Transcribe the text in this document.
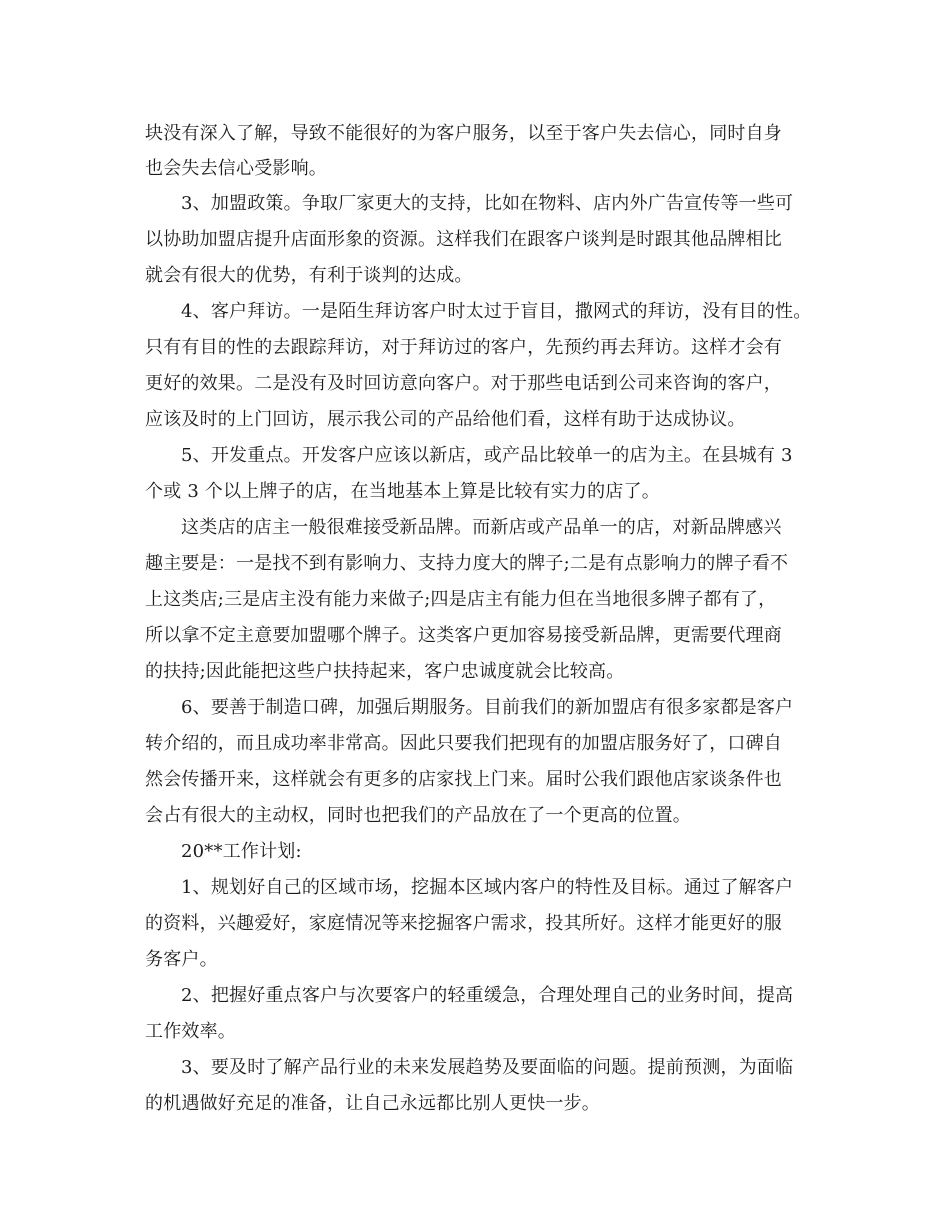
块没有深入了解，导致不能很好的为客户服务，以至于客户失去信心，同时自身

也会失去信心受影响。

3、加盟政策。争取厂家更大的支持，比如在物料、店内外广告宣传等一些可

以协助加盟店提升店面形象的资源。这样我们在跟客户谈判是时跟其他品牌相比

就会有很大的优势，有利于谈判的达成。

4、客户拜访。一是陌生拜访客户时太过于盲目，撒网式的拜访，没有目的性。

只有有目的性的去跟踪拜访，对于拜访过的客户，先预约再去拜访。这样才会有

更好的效果。二是没有及时回访意向客户。对于那些电话到公司来咨询的客户，

应该及时的上门回访，展示我公司的产品给他们看，这样有助于达成协议。

5、开发重点。开发客户应该以新店，或产品比较单一的店为主。在县城有 3

个或 3 个以上牌子的店，在当地基本上算是比较有实力的店了。

这类店的店主一般很难接受新品牌。而新店或产品单一的店，对新品牌感兴

趣主要是：一是找不到有影响力、支持力度大的牌子;二是有点影响力的牌子看不

上这类店;三是店主没有能力来做子;四是店主有能力但在当地很多牌子都有了，

所以拿不定主意要加盟哪个牌子。这类客户更加容易接受新品牌，更需要代理商

的扶持;因此能把这些户扶持起来，客户忠诚度就会比较高。

6、要善于制造口碑，加强后期服务。目前我们的新加盟店有很多家都是客户

转介绍的，而且成功率非常高。因此只要我们把现有的加盟店服务好了，口碑自

然会传播开来，这样就会有更多的店家找上门来。届时公我们跟他店家谈条件也

会占有很大的主动权，同时也把我们的产品放在了一个更高的位置。

20**工作计划:

1、规划好自己的区域市场，挖掘本区域内客户的特性及目标。通过了解客户

的资料，兴趣爱好，家庭情况等来挖掘客户需求，投其所好。这样才能更好的服

务客户。

2、把握好重点客户与次要客户的轻重缓急，合理处理自己的业务时间，提高

工作效率。

3、要及时了解产品行业的未来发展趋势及要面临的问题。提前预测，为面临

的机遇做好充足的准备，让自己永远都比别人更快一步。
